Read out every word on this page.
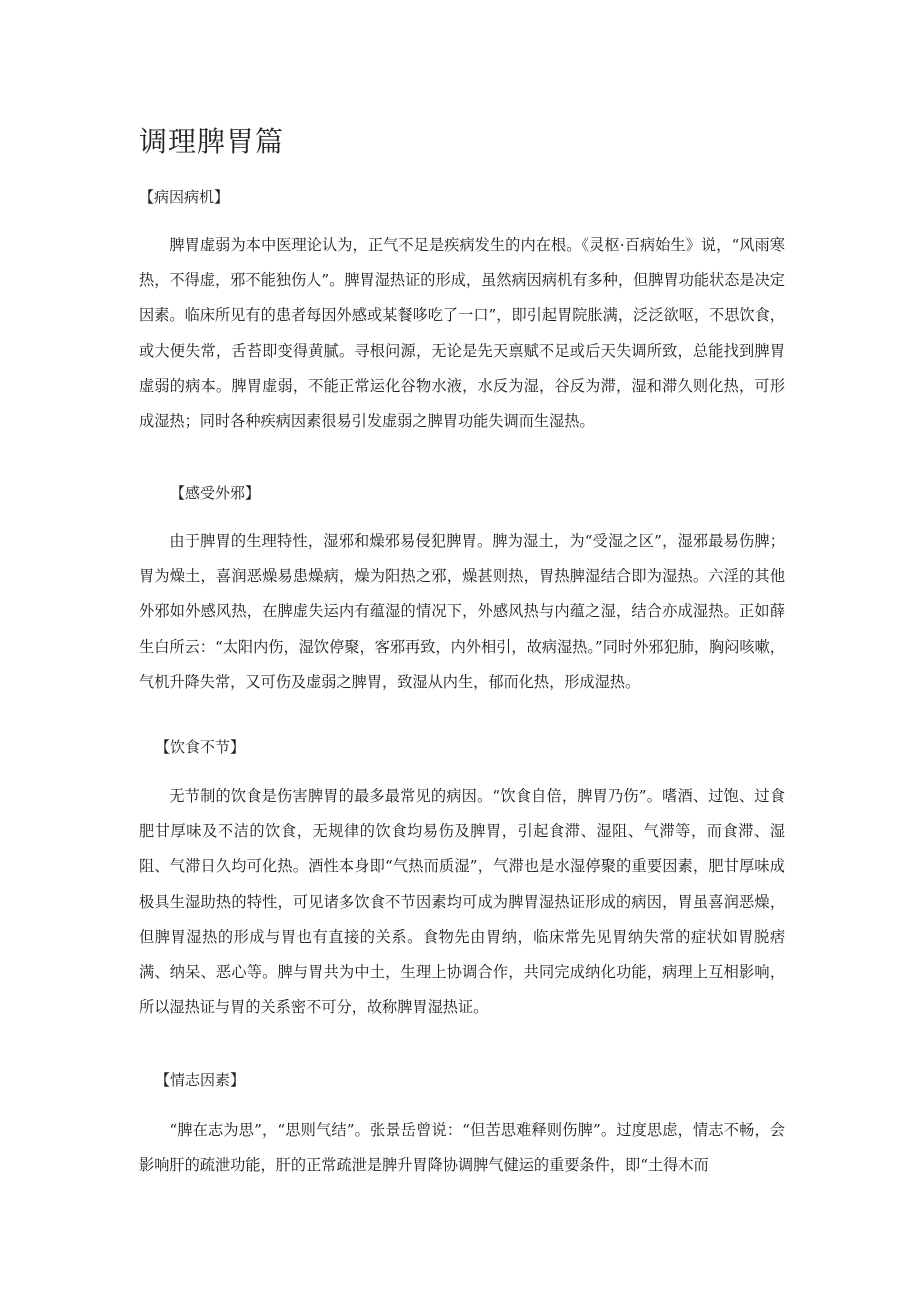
调理脾胃篇
【病因病机】

脾胃虚弱为本中医理论认为，正气不足是疾病发生的内在根。《灵枢·百病始生》说，“风雨寒热，不得虚，邪不能独伤人”。脾胃湿热证的形成，虽然病因病机有多种，但脾胃功能状态是决定因素。临床所见有的患者每因外感或某餐哆吃了一口”，即引起胃院胀满，泛泛欲呕，不思饮食，或大便失常，舌苔即变得黄腻。寻根问源，无论是先天禀赋不足或后天失调所致，总能找到脾胃虚弱的病本。脾胃虚弱，不能正常运化谷物水液，水反为湿，谷反为滞，湿和滞久则化热，可形成湿热；同时各种疾病因素很易引发虚弱之脾胃功能失调而生湿热。

【感受外邪】

由于脾胃的生理特性，湿邪和燥邪易侵犯脾胃。脾为湿土，为“受湿之区”，湿邪最易伤脾；胃为燥土，喜润恶燥易患燥病，燥为阳热之邪，燥甚则热，胃热脾湿结合即为湿热。六淫的其他外邪如外感风热，在脾虚失运内有蕴湿的情况下，外感风热与内蕴之湿，结合亦成湿热。正如薛生白所云：“太阳内伤，湿饮停聚，客邪再致，内外相引，故病湿热。”同时外邪犯肺，胸闷咳嗽，气机升降失常，又可伤及虚弱之脾胃，致湿从内生，郁而化热，形成湿热。

【饮食不节】

无节制的饮食是伤害脾胃的最多最常见的病因。“饮食自倍，脾胃乃伤”。嗜酒、过饱、过食肥甘厚味及不洁的饮食，无规律的饮食均易伤及脾胃，引起食滞、湿阻、气滞等，而食滞、湿阻、气滞日久均可化热。酒性本身即“气热而质湿”，气滞也是水湿停聚的重要因素，肥甘厚味成极具生湿助热的特性，可见诸多饮食不节因素均可成为脾胃湿热证形成的病因，胃虽喜润恶燥，但脾胃湿热的形成与胃也有直接的关系。食物先由胃纳，临床常先见胃纳失常的症状如胃脱痞满、纳呆、恶心等。脾与胃共为中土，生理上协调合作，共同完成纳化功能，病理上互相影响，所以湿热证与胃的关系密不可分，故称脾胃湿热证。

【情志因素】

“脾在志为思”，“思则气结”。张景岳曾说：“但苦思难释则伤脾”。过度思虑，情志不畅，会影响肝的疏泄功能，肝的正常疏泄是脾升胃降协调脾气健运的重要条件，即“土得木而
